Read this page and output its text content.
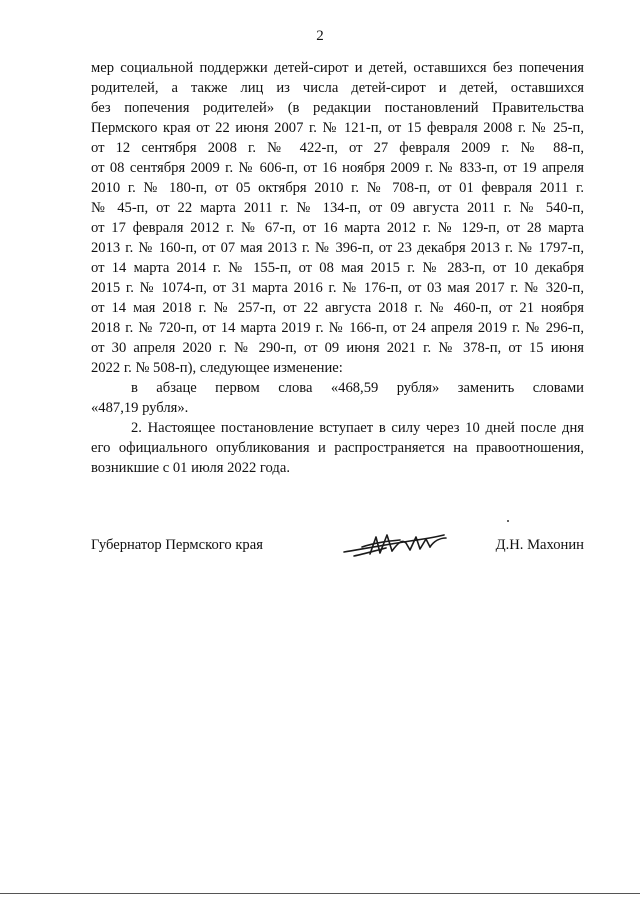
2
мер социальной поддержки детей-сирот и детей, оставшихся без попечения
родителей, а также лиц из числа детей-сирот и детей, оставшихся
без попечения родителей» (в редакции постановлений Правительства
Пермского края от 22 июня 2007 г. № 121-п, от 15 февраля 2008 г. № 25-п,
от 12 сентября 2008 г. № 422-п, от 27 февраля 2009 г. № 88-п,
от 08 сентября 2009 г. № 606-п, от 16 ноября 2009 г. № 833-п, от 19 апреля
2010 г. № 180-п, от 05 октября 2010 г. № 708-п, от 01 февраля 2011 г.
№ 45-п, от 22 марта 2011 г. № 134-п, от 09 августа 2011 г. № 540-п,
от 17 февраля 2012 г. № 67-п, от 16 марта 2012 г. № 129-п, от 28 марта
2013 г. № 160-п, от 07 мая 2013 г. № 396-п, от 23 декабря 2013 г. № 1797-п,
от 14 марта 2014 г. № 155-п, от 08 мая 2015 г. № 283-п, от 10 декабря
2015 г. № 1074-п, от 31 марта 2016 г. № 176-п, от 03 мая 2017 г. № 320-п,
от 14 мая 2018 г. № 257-п, от 22 августа 2018 г. № 460-п, от 21 ноября
2018 г. № 720-п, от 14 марта 2019 г. № 166-п, от 24 апреля 2019 г. № 296-п,
от 30 апреля 2020 г. № 290-п, от 09 июня 2021 г. № 378-п, от 15 июня
2022 г. № 508-п), следующее изменение:
в абзаце первом слова «468,59 рубля» заменить словами
«487,19 рубля».
2. Настоящее постановление вступает в силу через 10 дней после дня
его официального опубликования и распространяется на правоотношения,
возникшие с 01 июля 2022 года.
Губернатор Пермского края	Д.Н. Махонин
